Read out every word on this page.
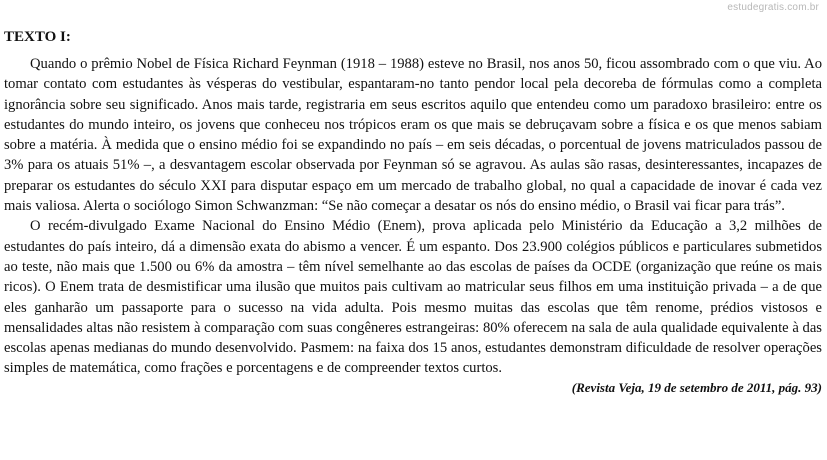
estudegratis.com.br
TEXTO I:

Quando o prêmio Nobel de Física Richard Feynman (1918 – 1988) esteve no Brasil, nos anos 50, ficou assombrado com o que viu. Ao tomar contato com estudantes às vésperas do vestibular, espantaram-no tanto pendor local pela decoreba de fórmulas como a completa ignorância sobre seu significado. Anos mais tarde, registraria em seus escritos aquilo que entendeu como um paradoxo brasileiro: entre os estudantes do mundo inteiro, os jovens que conheceu nos trópicos eram os que mais se debruçavam sobre a física e os que menos sabiam sobre a matéria. À medida que o ensino médio foi se expandindo no país – em seis décadas, o porcentual de jovens matriculados passou de 3% para os atuais 51% –, a desvantagem escolar observada por Feynman só se agravou. As aulas são rasas, desinteressantes, incapazes de preparar os estudantes do século XXI para disputar espaço em um mercado de trabalho global, no qual a capacidade de inovar é cada vez mais valiosa. Alerta o sociólogo Simon Schwanzman: “Se não começar a desatar os nós do ensino médio, o Brasil vai ficar para trás”.

O recém-divulgado Exame Nacional do Ensino Médio (Enem), prova aplicada pelo Ministério da Educação a 3,2 milhões de estudantes do país inteiro, dá a dimensão exata do abismo a vencer. É um espanto. Dos 23.900 colégios públicos e particulares submetidos ao teste, não mais que 1.500 ou 6% da amostra – têm nível semelhante ao das escolas de países da OCDE (organização que reúne os mais ricos). O Enem trata de desmistificar uma ilusão que muitos pais cultivam ao matricular seus filhos em uma instituição privada – a de que eles ganharão um passaporte para o sucesso na vida adulta. Pois mesmo muitas das escolas que têm renome, prédios vistosos e mensalidades altas não resistem à comparação com suas congêneres estrangeiras: 80% oferecem na sala de aula qualidade equivalente à das escolas apenas medianas do mundo desenvolvido. Pasmem: na faixa dos 15 anos, estudantes demonstram dificuldade de resolver operações simples de matemática, como frações e porcentagens e de compreender textos curtos.

(Revista Veja, 19 de setembro de 2011, pág. 93)
